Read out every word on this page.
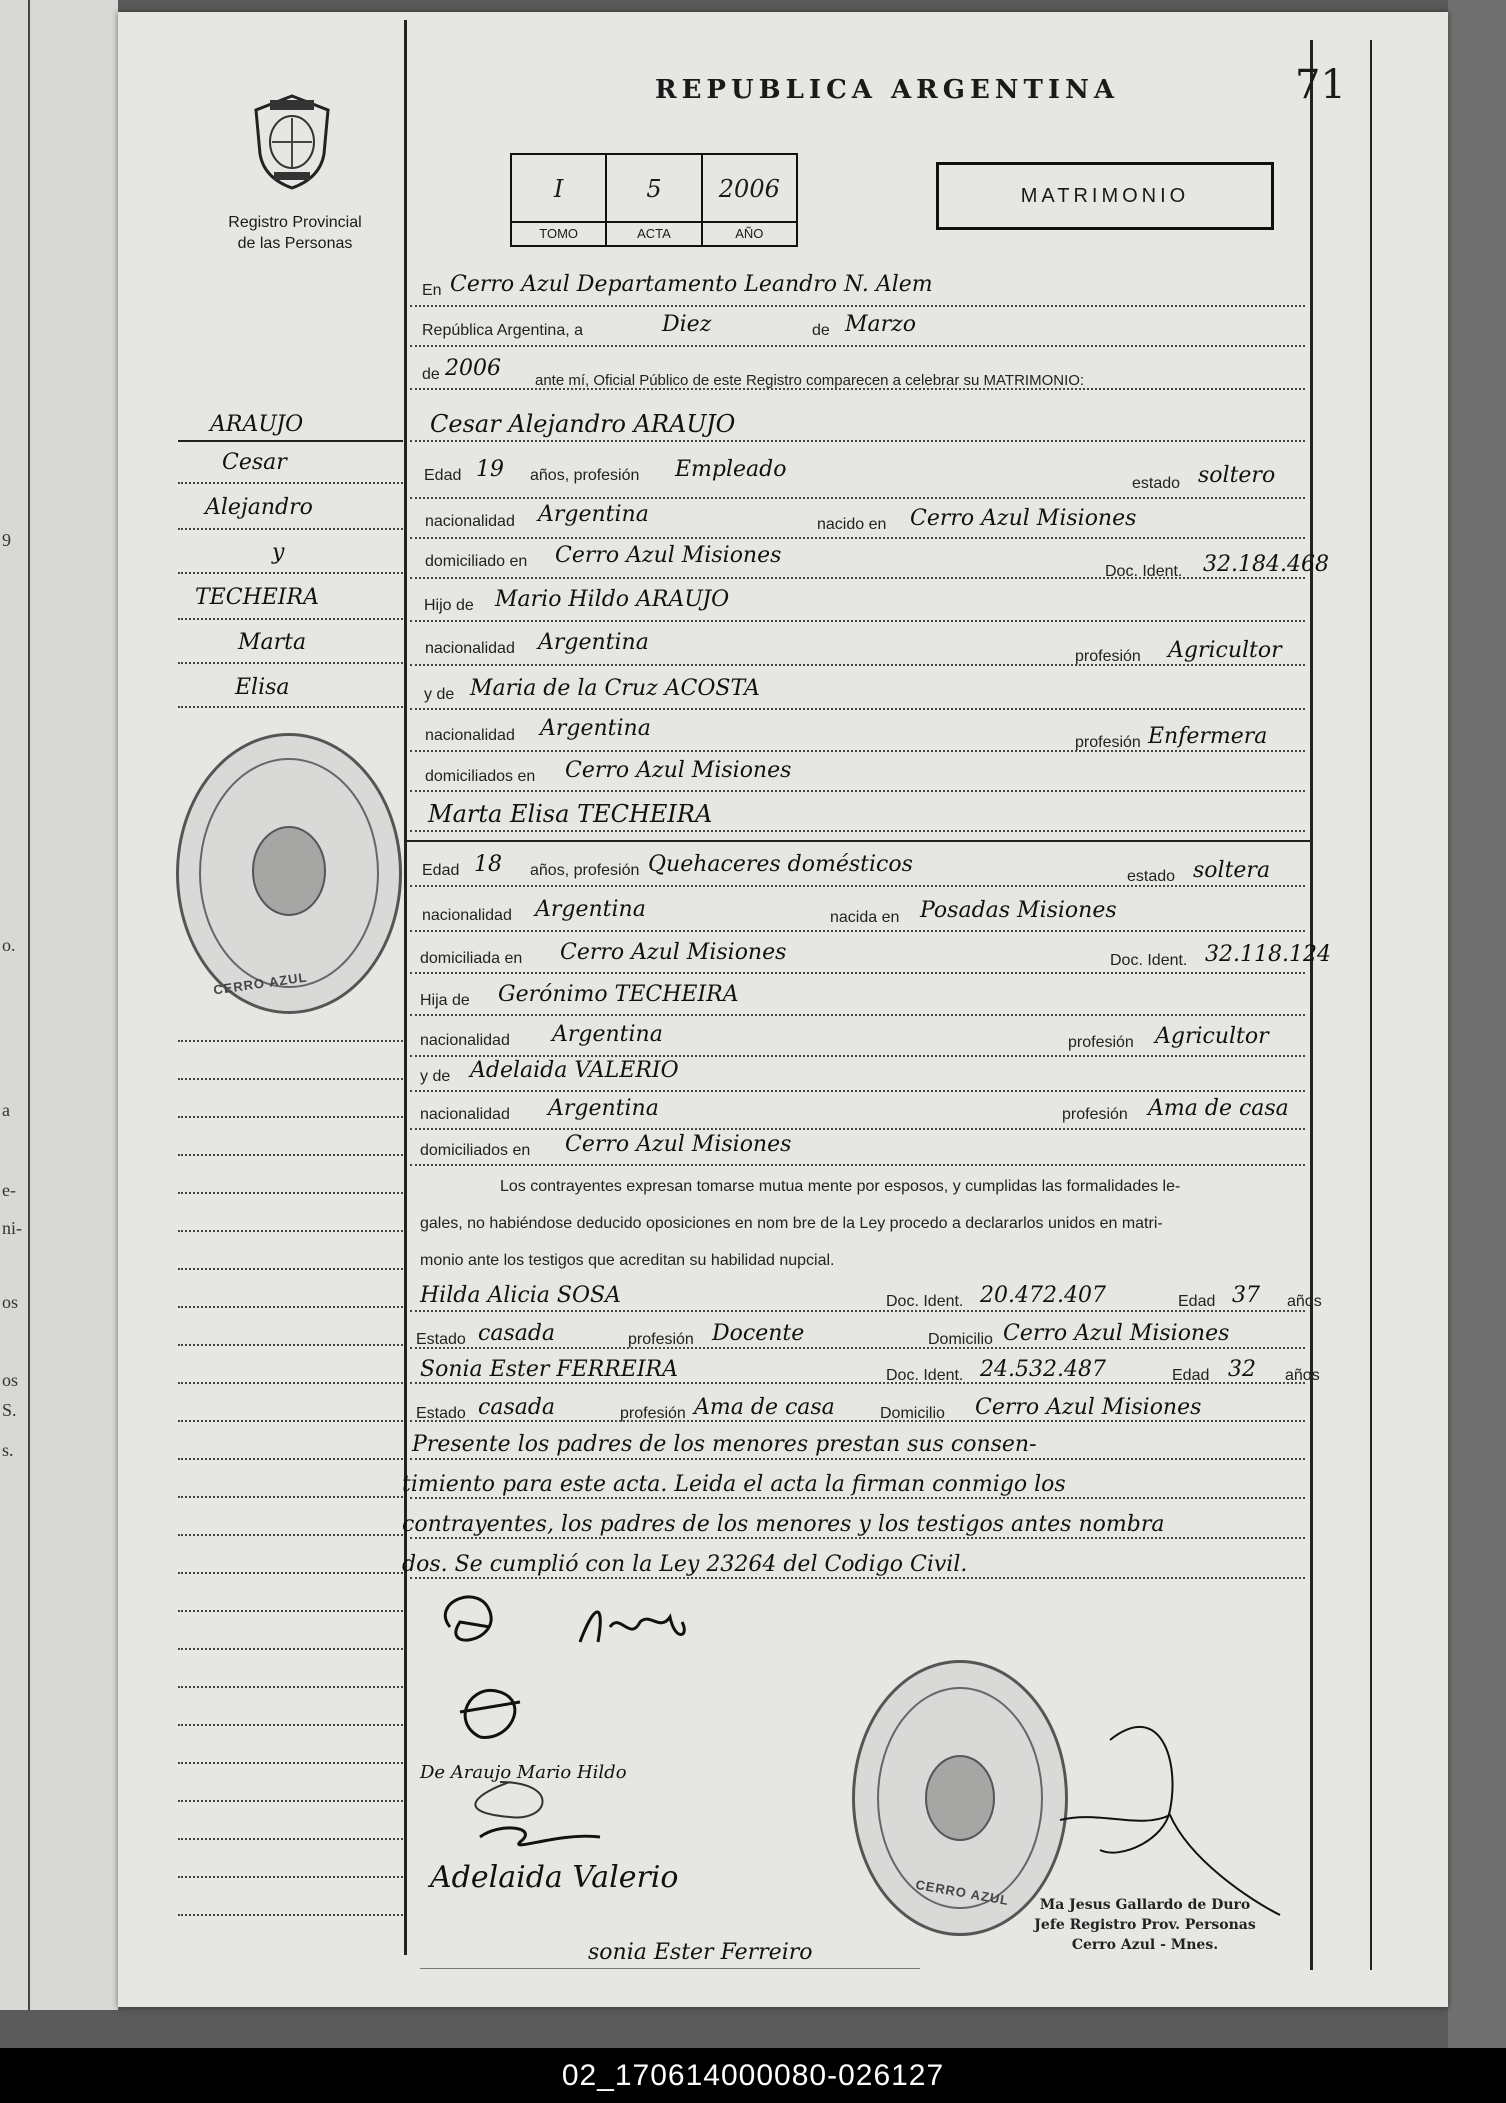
9
o.
a
e-
ni-
os
os
S.
s.
REPUBLICA ARGENTINA	71
Registro Provincial
de las Personas
I
TOMO
5
ACTA
2006
AÑO
MATRIMONIO
ARAUJO
Cesar
Alejandro
y
TECHEIRA
Marta
Elisa
CERRO AZUL
En Cerro Azul Departamento Leandro N. Alem
República Argentina, a	Diez	de Marzo
de 2006 ante mí, Oficial Público de este Registro comparecen a celebrar su MATRIMONIO:
Cesar Alejandro ARAUJO
Edad 19 años, profesión Empleado
estado soltero
nacionalidad Argentina	nacido en Cerro Azul Misiones
domiciliado en Cerro Azul Misiones
Doc. Ident. 32.184.468
Hijo de Mario Hildo ARAUJO
nacionalidad Argentina
profesión Agricultor
y de Maria de la Cruz ACOSTA
nacionalidad Argentina
profesión Enfermera
domiciliados en Cerro Azul Misiones
Marta Elisa TECHEIRA
Edad 18 años, profesión Quehaceres domésticos	estado soltera
nacionalidad Argentina	nacida en Posadas Misiones
domiciliada en Cerro Azul Misiones	Doc. Ident. 32.118.124
Hija de Gerónimo TECHEIRA
nacionalidad Argentina	profesión Agricultor
y de Adelaida VALERIO
nacionalidad Argentina	profesión Ama de casa
domiciliados en Cerro Azul Misiones
Los contrayentes expresan tomarse mutua mente por esposos, y cumplidas las formalidades le-
gales, no habiéndose deducido oposiciones en nom bre de la Ley procedo a declararlos unidos en matri-
monio ante los testigos que acreditan su habilidad nupcial.
Hilda Alicia SOSA	Doc. Ident. 20.472.407	Edad 37 años
Estado casada	profesión Docente	Domicilio Cerro Azul Misiones
Sonia Ester FERREIRA	Doc. Ident. 24.532.487	Edad 32 años
Estado casada	profesión Ama de casa	Domicilio Cerro Azul Misiones
Presente los padres de los menores prestan sus consen-
timiento para este acta. Leida el acta la firman conmigo los
contrayentes, los padres de los menores y los testigos antes nombra
dos. Se cumplió con la Ley 23264 del Codigo Civil.
De Araujo Mario Hildo
Adelaida Valerio
sonia Ester Ferreiro
CERRO AZUL	Ma Jesus Gallardo de Duro
Jefe Registro Prov. Personas
Cerro Azul - Mnes.
02_170614000080-026127
